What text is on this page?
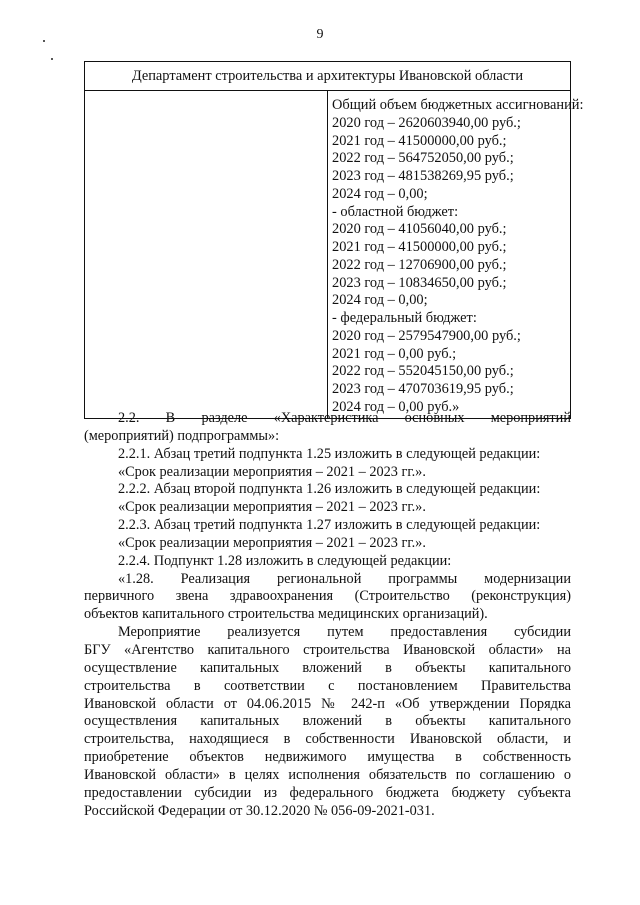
9
Департамент строительства и архитектуры Ивановской области

Общий объем бюджетных ассигнований:
2020 год – 2620603940,00 руб.;
2021 год – 41500000,00 руб.;
2022 год – 564752050,00 руб.;
2023 год – 481538269,95 руб.;
2024 год – 0,00;
- областной бюджет:
2020 год – 41056040,00 руб.;
2021 год – 41500000,00 руб.;
2022 год – 12706900,00 руб.;
2023 год – 10834650,00 руб.;
2024 год – 0,00;
- федеральный бюджет:
2020 год – 2579547900,00 руб.;
2021 год – 0,00 руб.;
2022 год – 552045150,00 руб.;
2023 год – 470703619,95 руб.;
2024 год – 0,00 руб.»
2.2. В разделе «Характеристика основных мероприятий
(мероприятий) подпрограммы»:
2.2.1. Абзац третий подпункта 1.25 изложить в следующей редакции:
«Срок реализации мероприятия – 2021 – 2023 гг.».
2.2.2. Абзац второй подпункта 1.26 изложить в следующей редакции:
«Срок реализации мероприятия – 2021 – 2023 гг.».
2.2.3. Абзац третий подпункта 1.27 изложить в следующей редакции:
«Срок реализации мероприятия – 2021 – 2023 гг.».
2.2.4. Подпункт 1.28 изложить в следующей редакции:
«1.28. Реализация региональной программы модернизации
первичного звена здравоохранения (Строительство (реконструкция)
объектов капитального строительства медицинских организаций).
Мероприятие реализуется путем предоставления субсидии
БГУ «Агентство капитального строительства Ивановской области» на
осуществление капитальных вложений в объекты капитального
строительства в соответствии с постановлением Правительства
Ивановской области от 04.06.2015 № 242-п «Об утверждении Порядка
осуществления капитальных вложений в объекты капитального
строительства, находящиеся в собственности Ивановской области, и
приобретение объектов недвижимого имущества в собственность
Ивановской области» в целях исполнения обязательств по соглашению о
предоставлении субсидии из федерального бюджета бюджету субъекта
Российской Федерации от 30.12.2020 № 056-09-2021-031.
